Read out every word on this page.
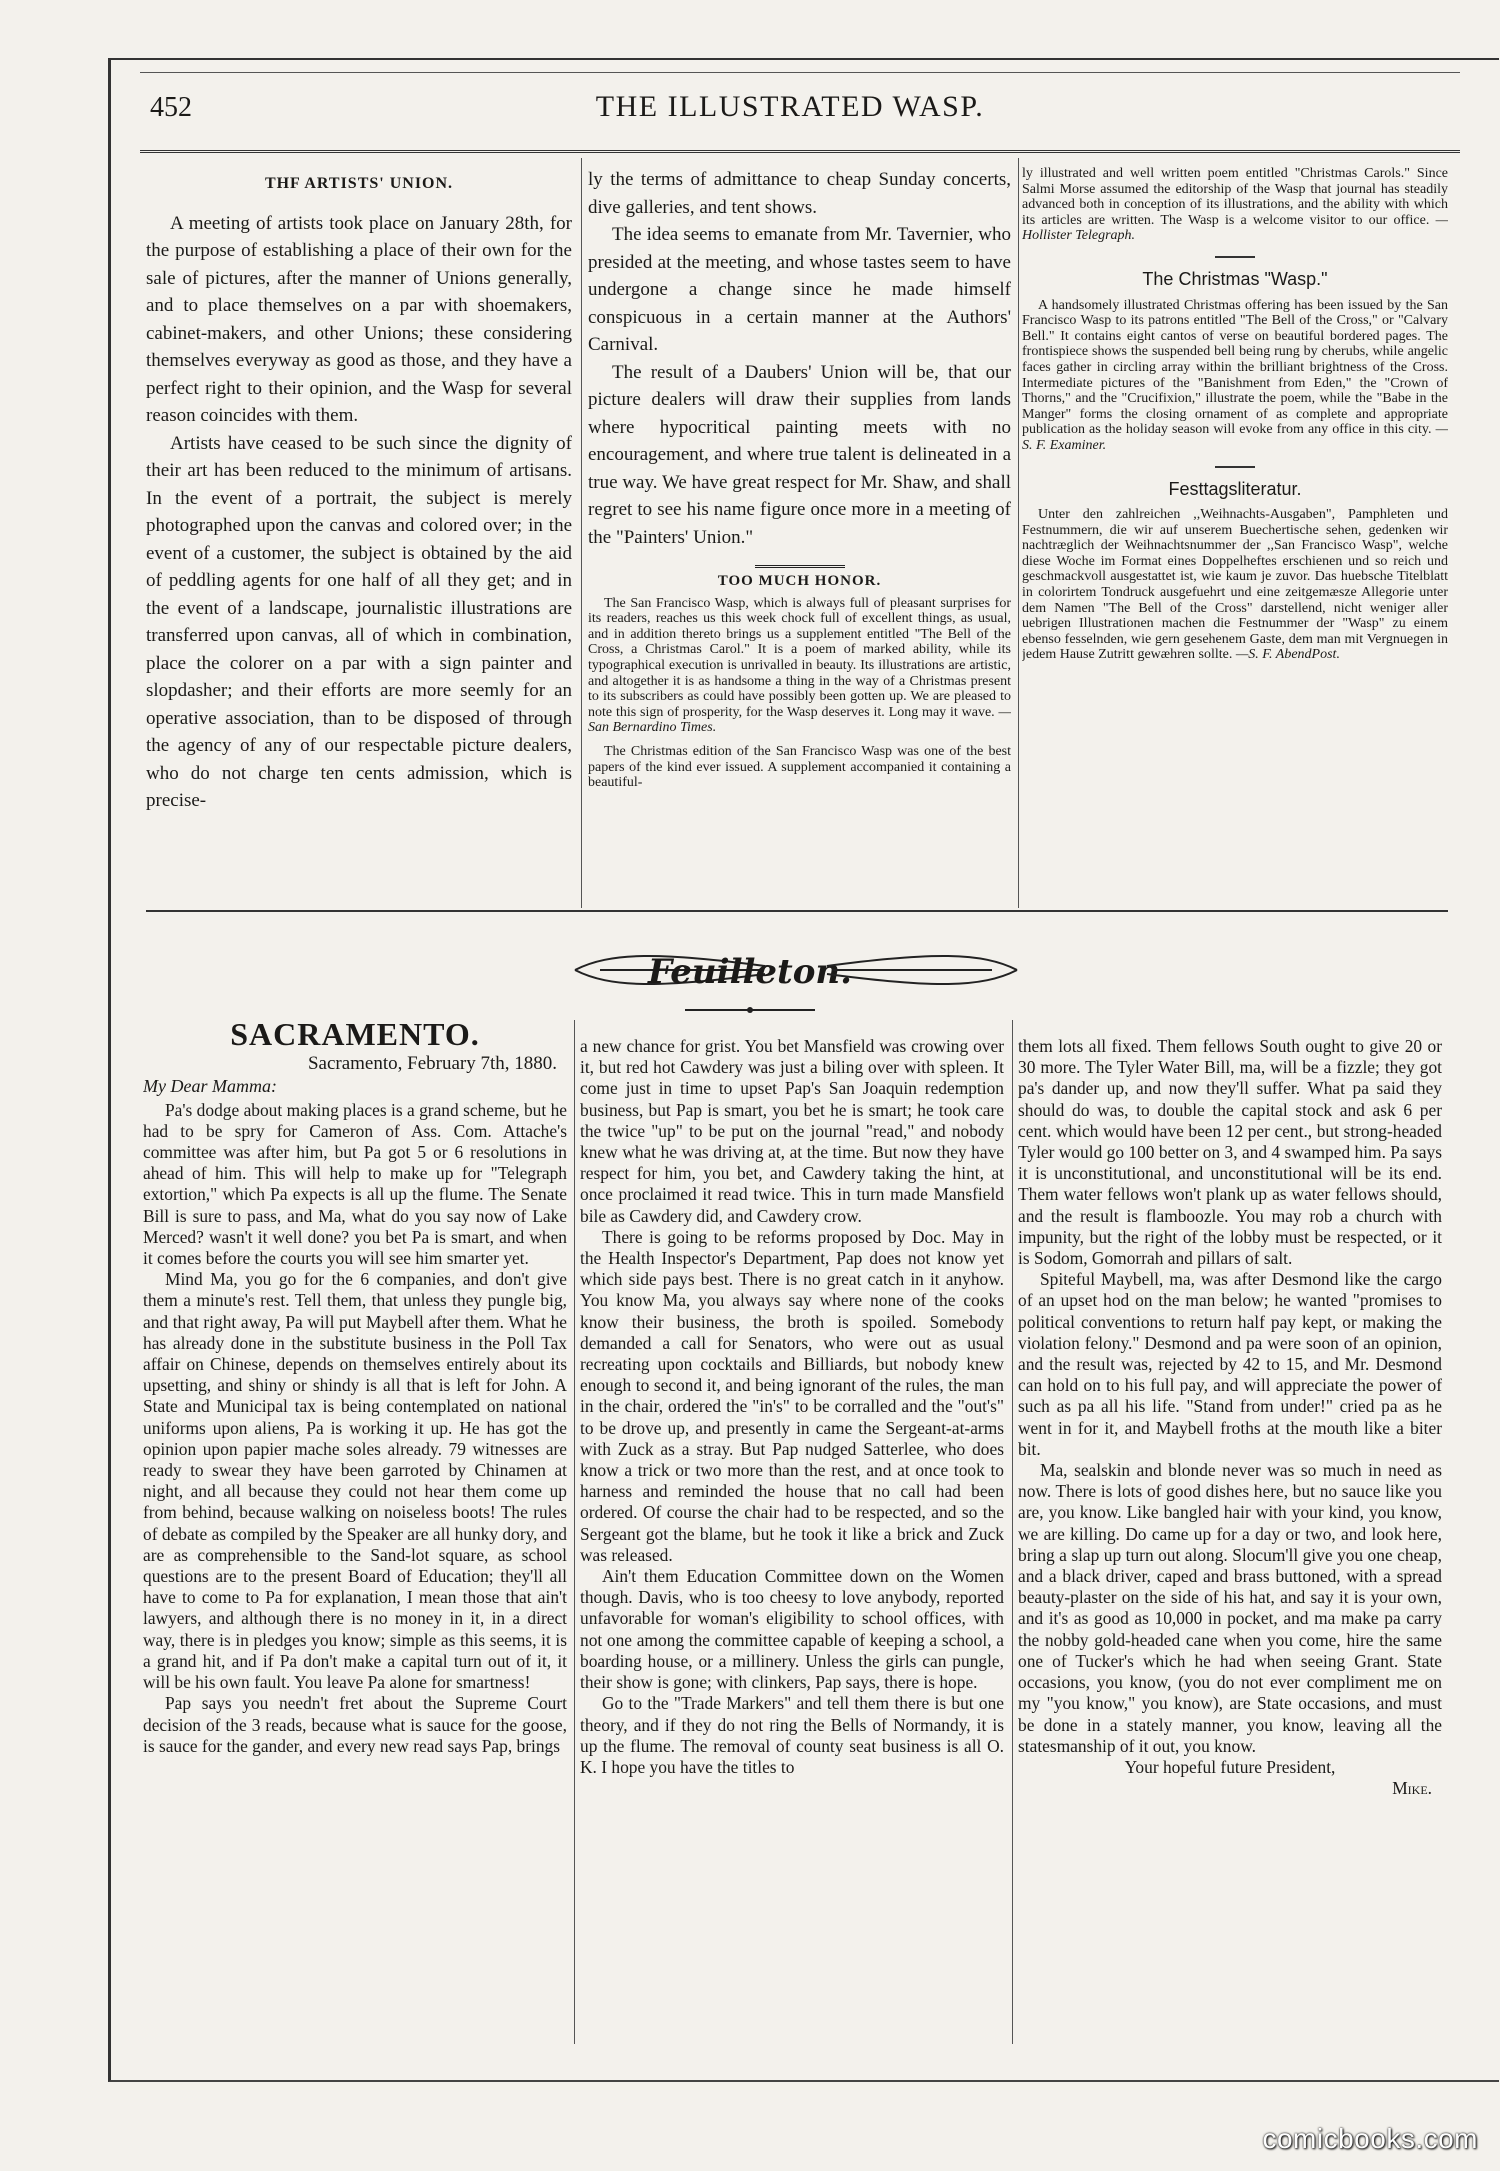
452	THE ILLUSTRATED WASP.
THF ARTISTS' UNION.

A meeting of artists took place on January 28th, for the purpose of establishing a place of their own for the sale of pictures, after the manner of Unions generally, and to place themselves on a par with shoemakers, cabinet-makers, and other Unions; these considering themselves everyway as good as those, and they have a perfect right to their opinion, and the Wasp for several reason coincides with them.

Artists have ceased to be such since the dignity of their art has been reduced to the minimum of artisans. In the event of a portrait, the subject is merely photographed upon the canvas and colored over; in the event of a customer, the subject is obtained by the aid of peddling agents for one half of all they get; and in the event of a landscape, journalistic illustrations are transferred upon canvas, all of which in combination, place the colorer on a par with a sign painter and slopdasher; and their efforts are more seemly for an operative association, than to be disposed of through the agency of any of our respectable picture dealers, who do not charge ten cents admission, which is precise-

ly the terms of admittance to cheap Sunday concerts, dive galleries, and tent shows.

The idea seems to emanate from Mr. Tavernier, who presided at the meeting, and whose tastes seem to have undergone a change since he made himself conspicuous in a certain manner at the Authors' Carnival.

The result of a Daubers' Union will be, that our picture dealers will draw their supplies from lands where hypocritical painting meets with no encouragement, and where true talent is delineated in a true way. We have great respect for Mr. Shaw, and shall regret to see his name figure once more in a meeting of the "Painters' Union."

TOO MUCH HONOR.

The San Francisco Wasp, which is always full of pleasant surprises for its readers, reaches us this week chock full of excellent things, as usual, and in addition thereto brings us a supplement entitled "The Bell of the Cross, a Christmas Carol." It is a poem of marked ability, while its typographical execution is unrivalled in beauty. Its illustrations are artistic, and altogether it is as handsome a thing in the way of a Christmas present to its subscribers as could have possibly been gotten up. We are pleased to note this sign of prosperity, for the Wasp deserves it. Long may it wave. —San Bernardino Times.

The Christmas edition of the San Francisco Wasp was one of the best papers of the kind ever issued. A supplement accompanied it containing a beautiful-

ly illustrated and well written poem entitled "Christmas Carols." Since Salmi Morse assumed the editorship of the Wasp that journal has steadily advanced both in conception of its illustrations, and the ability with which its articles are written. The Wasp is a welcome visitor to our office. —Hollister Telegraph.

The Christmas "Wasp."

A handsomely illustrated Christmas offering has been issued by the San Francisco Wasp to its patrons entitled "The Bell of the Cross," or "Calvary Bell." It contains eight cantos of verse on beautiful bordered pages. The frontispiece shows the suspended bell being rung by cherubs, while angelic faces gather in circling array within the brilliant brightness of the Cross. Intermediate pictures of the "Banishment from Eden," the "Crown of Thorns," and the "Crucifixion," illustrate the poem, while the "Babe in the Manger" forms the closing ornament of as complete and appropriate publication as the holiday season will evoke from any office in this city. —S. F. Examiner.

Festtagsliteratur.

Unter den zahlreichen ,,Weihnachts-Ausgaben", Pamphleten und Festnummern, die wir auf unserem Buechertische sehen, gedenken wir nachtræglich der Weihnachtsnummer der ,,San Francisco Wasp", welche diese Woche im Format eines Doppelheftes erschienen und so reich und geschmackvoll ausgestattet ist, wie kaum je zuvor. Das huebsche Titelblatt in colorirtem Tondruck ausgefuehrt und eine zeitgemæsze Allegorie unter dem Namen "The Bell of the Cross" darstellend, nicht weniger aller uebrigen Illustrationen machen die Festnummer der "Wasp" zu einem ebenso fesselnden, wie gern gesehenem Gaste, dem man mit Vergnuegen in jedem Hause Zutritt gewæhren sollte. —S. F. AbendPost.

Feuilleton.
SACRAMENTO.
Sacramento, February 7th, 1880.
My Dear Mamma:

Pa's dodge about making places is a grand scheme, but he had to be spry for Cameron of Ass. Com. Attache's committee was after him, but Pa got 5 or 6 resolutions in ahead of him. This will help to make up for "Telegraph extortion," which Pa expects is all up the flume. The Senate Bill is sure to pass, and Ma, what do you say now of Lake Merced? wasn't it well done? you bet Pa is smart, and when it comes before the courts you will see him smarter yet.

Mind Ma, you go for the 6 companies, and don't give them a minute's rest. Tell them, that unless they pungle big, and that right away, Pa will put Maybell after them. What he has already done in the substitute business in the Poll Tax affair on Chinese, depends on themselves entirely about its upsetting, and shiny or shindy is all that is left for John. A State and Municipal tax is being contemplated on national uniforms upon aliens, Pa is working it up. He has got the opinion upon papier mache soles already. 79 witnesses are ready to swear they have been garroted by Chinamen at night, and all because they could not hear them come up from behind, because walking on noiseless boots! The rules of debate as compiled by the Speaker are all hunky dory, and are as comprehensible to the Sand-lot square, as school questions are to the present Board of Education; they'll all have to come to Pa for explanation, I mean those that ain't lawyers, and although there is no money in it, in a direct way, there is in pledges you know; simple as this seems, it is a grand hit, and if Pa don't make a capital turn out of it, it will be his own fault. You leave Pa alone for smartness!

Pap says you needn't fret about the Supreme Court decision of the 3 reads, because what is sauce for the goose, is sauce for the gander, and every new read says Pap, brings

a new chance for grist. You bet Mansfield was crowing over it, but red hot Cawdery was just a biling over with spleen. It come just in time to upset Pap's San Joaquin redemption business, but Pap is smart, you bet he is smart; he took care the twice "up" to be put on the journal "read," and nobody knew what he was driving at, at the time. But now they have respect for him, you bet, and Cawdery taking the hint, at once proclaimed it read twice. This in turn made Mansfield bile as Cawdery did, and Cawdery crow.

There is going to be reforms proposed by Doc. May in the Health Inspector's Department, Pap does not know yet which side pays best. There is no great catch in it anyhow. You know Ma, you always say where none of the cooks know their business, the broth is spoiled. Somebody demanded a call for Senators, who were out as usual recreating upon cocktails and Billiards, but nobody knew enough to second it, and being ignorant of the rules, the man in the chair, ordered the "in's" to be corralled and the "out's" to be drove up, and presently in came the Sergeant-at-arms with Zuck as a stray. But Pap nudged Satterlee, who does know a trick or two more than the rest, and at once took to harness and reminded the house that no call had been ordered. Of course the chair had to be respected, and so the Sergeant got the blame, but he took it like a brick and Zuck was released.

Ain't them Education Committee down on the Women though. Davis, who is too cheesy to love anybody, reported unfavorable for woman's eligibility to school offices, with not one among the committee capable of keeping a school, a boarding house, or a millinery. Unless the girls can pungle, their show is gone; with clinkers, Pap says, there is hope.

Go to the "Trade Markers" and tell them there is but one theory, and if they do not ring the Bells of Normandy, it is up the flume. The removal of county seat business is all O. K. I hope you have the titles to

them lots all fixed. Them fellows South ought to give 20 or 30 more. The Tyler Water Bill, ma, will be a fizzle; they got pa's dander up, and now they'll suffer. What pa said they should do was, to double the capital stock and ask 6 per cent. which would have been 12 per cent., but strong-headed Tyler would go 100 better on 3, and 4 swamped him. Pa says it is unconstitutional, and unconstitutional will be its end. Them water fellows won't plank up as water fellows should, and the result is flamboozle. You may rob a church with impunity, but the right of the lobby must be respected, or it is Sodom, Gomorrah and pillars of salt.

Spiteful Maybell, ma, was after Desmond like the cargo of an upset hod on the man below; he wanted "promises to political conventions to return half pay kept, or making the violation felony." Desmond and pa were soon of an opinion, and the result was, rejected by 42 to 15, and Mr. Desmond can hold on to his full pay, and will appreciate the power of such as pa all his life. "Stand from under!" cried pa as he went in for it, and Maybell froths at the mouth like a biter bit.

Ma, sealskin and blonde never was so much in need as now. There is lots of good dishes here, but no sauce like you are, you know. Like bangled hair with your kind, you know, we are killing. Do came up for a day or two, and look here, bring a slap up turn out along. Slocum'll give you one cheap, and a black driver, caped and brass buttoned, with a spread beauty-plaster on the side of his hat, and say it is your own, and it's as good as 10,000 in pocket, and ma make pa carry the nobby gold-headed cane when you come, hire the same one of Tucker's which he had when seeing Grant. State occasions, you know, (you do not ever compliment me on my "you know," you know), are State occasions, and must be done in a stately manner, you know, leaving all the statesmanship of it out, you know.

Your hopeful future President,
Mike.
comicbooks.com
